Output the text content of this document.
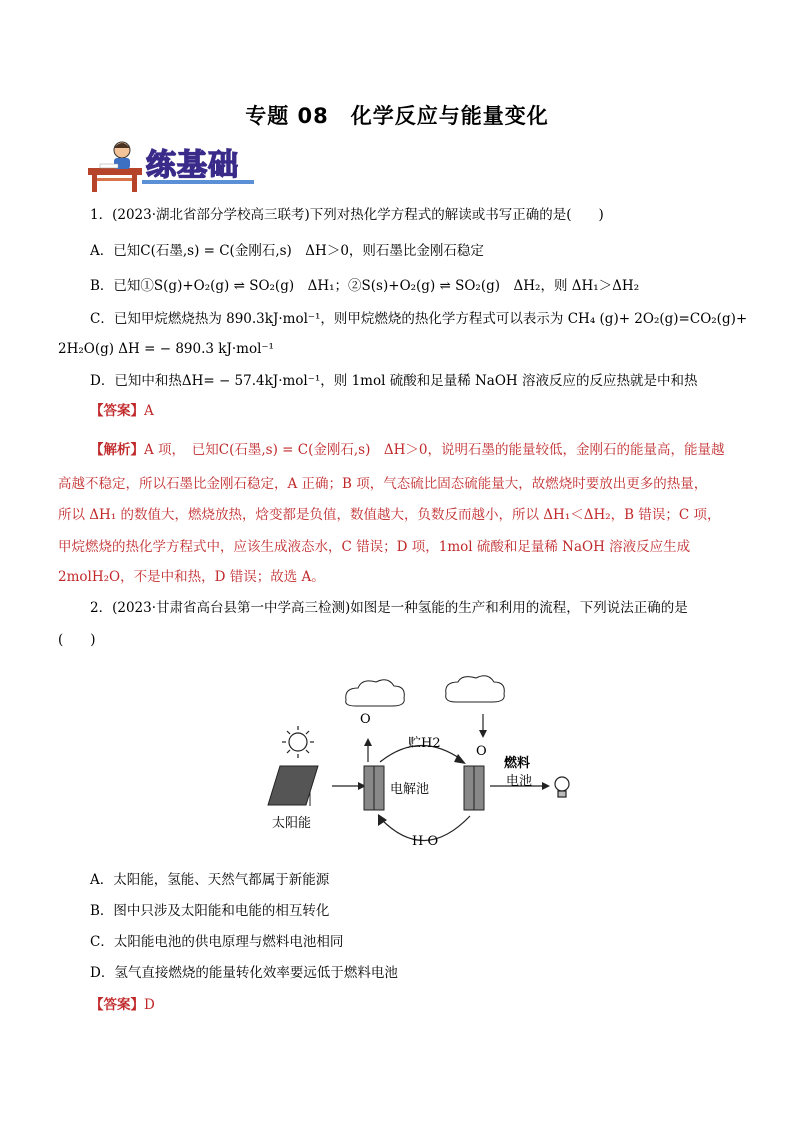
专题 08　化学反应与能量变化
练基础
1．(2023·湖北省部分学校高三联考)下列对热化学方程式的解读或书写正确的是(　　)
A．已知C(石墨,s) = C(金刚石,s)　ΔH＞0，则石墨比金刚石稳定
B．已知①S(g)+O₂(g) ⇌ SO₂(g)　ΔH₁；②S(s)+O₂(g) ⇌ SO₂(g)　ΔH₂，则 ΔH₁＞ΔH₂
C．已知甲烷燃烧热为 890.3kJ·mol⁻¹，则甲烷燃烧的热化学方程式可以表示为 CH₄ (g)+ 2O₂(g)=CO₂(g)+
2H₂O(g) ΔH = − 890.3 kJ·mol⁻¹
D．已知中和热ΔH= − 57.4kJ·mol⁻¹，则 1mol 硫酸和足量稀 NaOH 溶液反应的反应热就是中和热
【答案】A
【解析】A 项，　已知C(石墨,s) = C(金刚石,s)　ΔH＞0，说明石墨的能量较低，金刚石的能量高，能量越
高越不稳定，所以石墨比金刚石稳定，A 正确；B 项，气态硫比固态硫能量大，故燃烧时要放出更多的热量，
所以 ΔH₁ 的数值大，燃烧放热，焓变都是负值，数值越大，负数反而越小，所以 ΔH₁＜ΔH₂，B 错误；C 项，
甲烷燃烧的热化学方程式中，应该生成液态水，C 错误；D 项，1mol 硫酸和足量稀 NaOH 溶液反应生成
2molH₂O，不是中和热，D 错误；故选 A。
2．(2023·甘肃省高台县第一中学高三检测)如图是一种氢能的生产和利用的流程，下列说法正确的是
(　　)
O
贮H2
O
燃料
电池
电解池
太阳能
H O
A．太阳能，氢能、天然气都属于新能源
B．图中只涉及太阳能和电能的相互转化
C．太阳能电池的供电原理与燃料电池相同
D．氢气直接燃烧的能量转化效率要远低于燃料电池
【答案】D
